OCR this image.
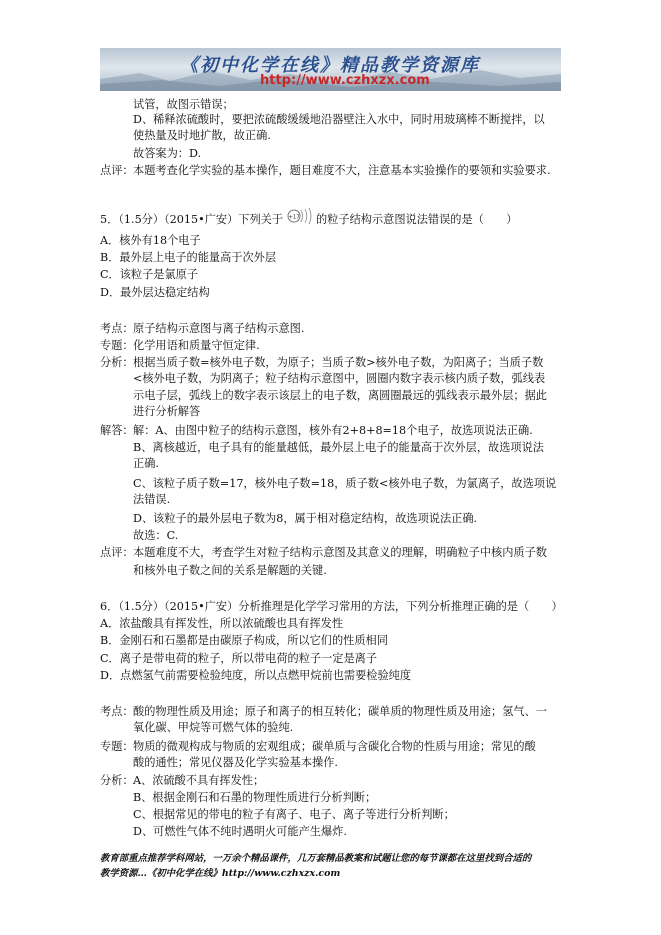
《初中化学在线》精品教学资源库
http://www.czhxzx.com
试管，故图示错误；
D、稀释浓硫酸时，要把浓硫酸缓缓地沿器壁注入水中，同时用玻璃棒不断搅拌，以
使热量及时地扩散，故正确.
故答案为：D.
点评： 本题考查化学实验的基本操作，题目难度不大，注意基本实验操作的要领和实验要求.
5．（1.5分）（2015•广安）下列关于 +17 的粒子结构示意图说法错误的是（　　）
A．核外有18个电子
B．最外层上电子的能量高于次外层
C．该粒子是氯原子
D．最外层达稳定结构
考点： 原子结构示意图与离子结构示意图.
专题： 化学用语和质量守恒定律.
分析： 根据当质子数=核外电子数，为原子；当质子数>核外电子数，为阳离子；当质子数
<核外电子数，为阴离子；粒子结构示意图中，圆圈内数字表示核内质子数，弧线表
示电子层，弧线上的数字表示该层上的电子数，离圆圈最远的弧线表示最外层；据此
进行分析解答
解答： 解：A、由图中粒子的结构示意图，核外有2+8+8=18个电子，故选项说法正确.
B、离核越近，电子具有的能量越低，最外层上电子的能量高于次外层，故选项说法
正确.
C、该粒子质子数=17，核外电子数=18，质子数<核外电子数，为氯离子，故选项说
法错误.
D、该粒子的最外层电子数为8，属于相对稳定结构，故选项说法正确.
故选：C.
点评： 本题难度不大，考查学生对粒子结构示意图及其意义的理解，明确粒子中核内质子数
和核外电子数之间的关系是解题的关键.
6．（1.5分）（2015•广安）分析推理是化学学习常用的方法，下列分析推理正确的是（　　）
A．浓盐酸具有挥发性，所以浓硫酸也具有挥发性
B．金刚石和石墨都是由碳原子构成，所以它们的性质相同
C．离子是带电荷的粒子，所以带电荷的粒子一定是离子
D．点燃氢气前需要检验纯度，所以点燃甲烷前也需要检验纯度
考点： 酸的物理性质及用途；原子和离子的相互转化；碳单质的物理性质及用途；氢气、一
氧化碳、甲烷等可燃气体的验纯.
专题： 物质的微观构成与物质的宏观组成；碳单质与含碳化合物的性质与用途；常见的酸
酸的通性；常见仪器及化学实验基本操作.
分析： A、浓硫酸不具有挥发性；
B、根据金刚石和石墨的物理性质进行分析判断；
C、根据常见的带电的粒子有离子、电子、离子等进行分析判断；
D、可燃性气体不纯时遇明火可能产生爆炸.
教育部重点推荐学科网站，一万余个精品课件，几万套精品教案和试题让您的每节课都在这里找到合适的
教学资源…《初中化学在线》http://www.czhxzx.com
